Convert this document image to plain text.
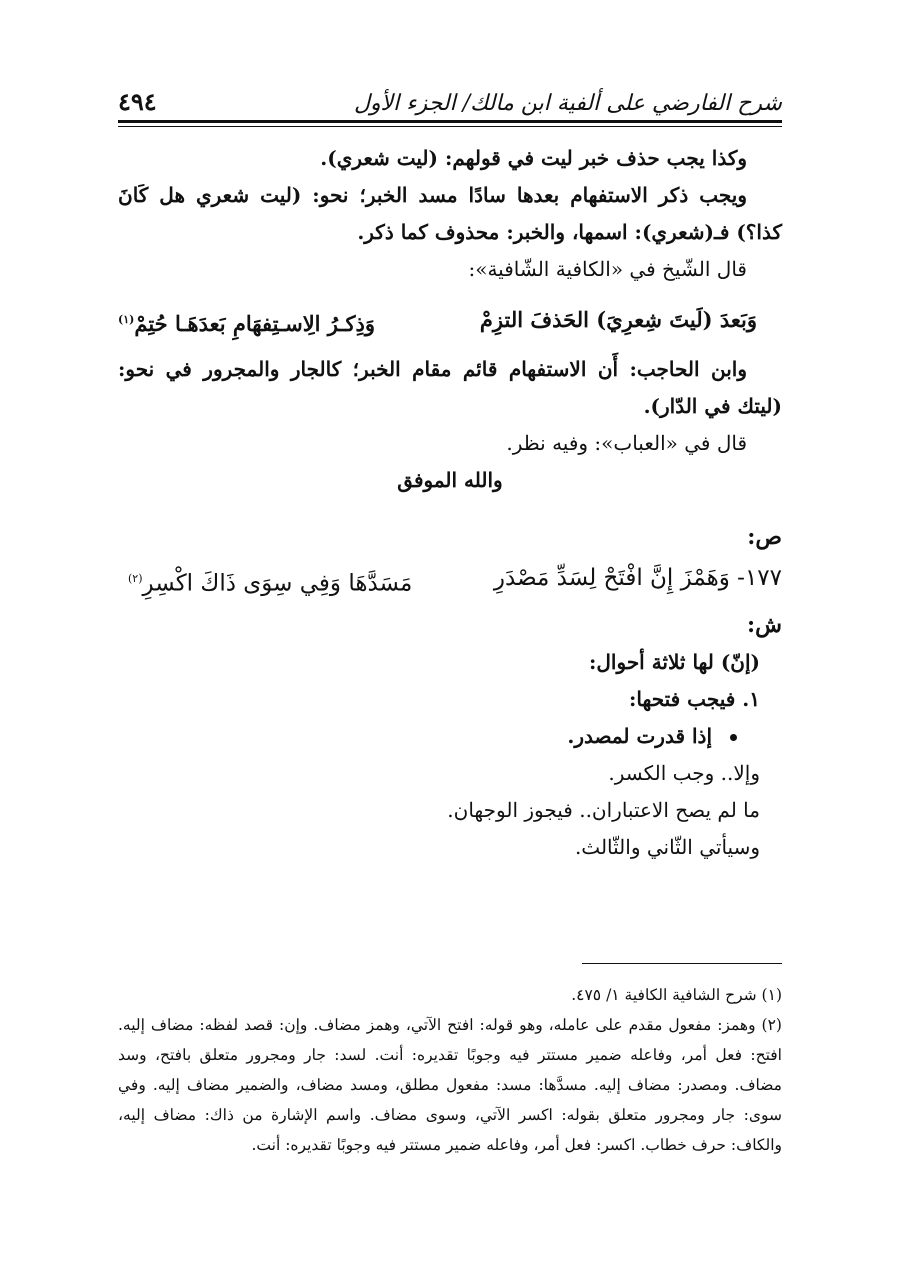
شرح الفارضي على ألفية ابن مالك/ الجزء الأول
٤٩٤

وكذا يجب حذف خبر ليت في قولهم: (ليت شعري).

ويجب ذكر الاستفهام بعدها سادًا مسد الخبر؛ نحو: (ليت شعري هل كَانَ كذا؟) فـ(شعري): اسمها، والخبر: محذوف كما ذكر.

قال الشّيخ في «الكافية الشّافية»:

وَبَعدَ (لَيتَ شِعرِيَ) الحَذفَ التزِمْ
وَذِكـرُ الِاسـتِفهَامِ بَعدَهَـا حُتِمْ$^{(١)}$

وابن الحاجب: أَن الاستفهام قائم مقام الخبر؛ كالجار والمجرور في نحو: (ليتك في الدّار).

قال في «العباب»: وفيه نظر.

والله الموفق

ص:

١٧٧- وَهَمْزَ إِنَّ افْتَحْ لِسَدِّ مَصْدَرِ
مَسَدَّهَا وَفِي سِوَى ذَاكَ اكْسِرِ$^{(٢)}$

ش:

(إنّ) لها ثلاثة أحوال:

١. فيجب فتحها:

إذا قدرت لمصدر.

وإلا.. وجب الكسر.

ما لم يصح الاعتباران.. فيجوز الوجهان.

وسيأتي الثّاني والثّالث.

(١) شرح الشافية الكافية ١/ ٤٧٥.

(٢) وهمز: مفعول مقدم على عامله، وهو قوله: افتح الآتي، وهمز مضاف. وإن: قصد لفظه: مضاف إليه. افتح: فعل أمر، وفاعله ضمير مستتر فيه وجوبًا تقديره: أنت. لسد: جار ومجرور متعلق بافتح، وسد مضاف. ومصدر: مضاف إليه. مسدَّها: مسد: مفعول مطلق، ومسد مضاف، والضمير مضاف إليه. وفي سوى: جار ومجرور متعلق بقوله: اكسر الآتي، وسوى مضاف. واسم الإشارة من ذاك: مضاف إليه، والكاف: حرف خطاب. اكسر: فعل أمر، وفاعله ضمير مستتر فيه وجوبًا تقديره: أنت.
